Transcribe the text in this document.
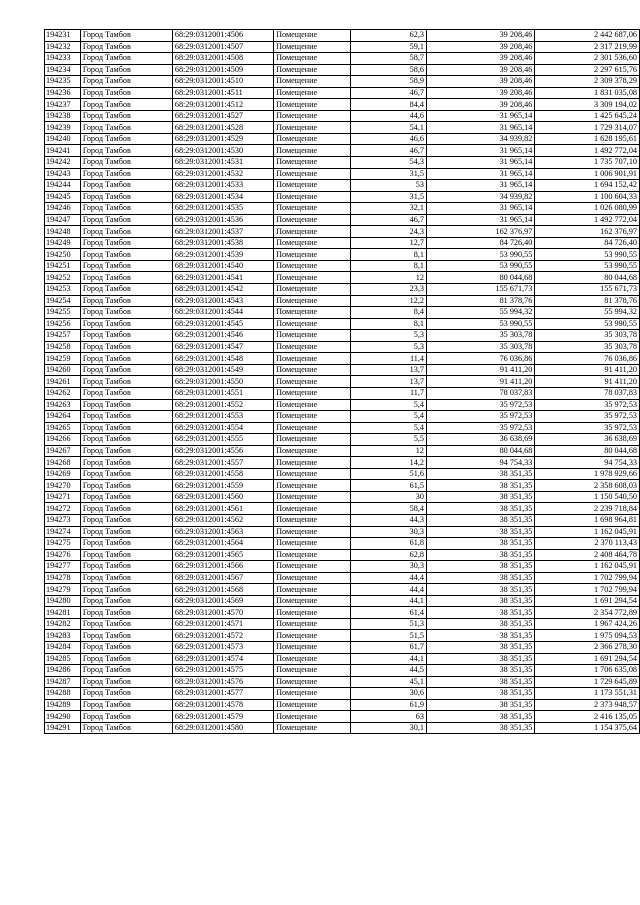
194231	Город Тамбов	68:29:0312001:4506	Помещение	62,3	39 208,46	2 442 687,06
194232	Город Тамбов	68:29:0312001:4507	Помещение	59,1	39 208,46	2 317 219,99
194233	Город Тамбов	68:29:0312001:4508	Помещение	58,7	39 208,46	2 301 536,60
194234	Город Тамбов	68:29:0312001:4509	Помещение	58,6	39 208,46	2 297 615,76
194235	Город Тамбов	68:29:0312001:4510	Помещение	58,9	39 208,46	2 309 378,29
194236	Город Тамбов	68:29:0312001:4511	Помещение	46,7	39 208,46	1 831 035,08
194237	Город Тамбов	68:29:0312001:4512	Помещение	84,4	39 208,46	3 309 194,02
194238	Город Тамбов	68:29:0312001:4527	Помещение	44,6	31 965,14	1 425 645,24
194239	Город Тамбов	68:29:0312001:4528	Помещение	54,1	31 965,14	1 729 314,07
194240	Город Тамбов	68:29:0312001:4529	Помещение	46,6	34 939,82	1 628 195,61
194241	Город Тамбов	68:29:0312001:4530	Помещение	46,7	31 965,14	1 492 772,04
194242	Город Тамбов	68:29:0312001:4531	Помещение	54,3	31 965,14	1 735 707,10
194243	Город Тамбов	68:29:0312001:4532	Помещение	31,5	31 965,14	1 006 901,91
194244	Город Тамбов	68:29:0312001:4533	Помещение	53	31 965,14	1 694 152,42
194245	Город Тамбов	68:29:0312001:4534	Помещение	31,5	34 939,82	1 100 604,33
194246	Город Тамбов	68:29:0312001:4535	Помещение	32,1	31 965,14	1 026 080,99
194247	Город Тамбов	68:29:0312001:4536	Помещение	46,7	31 965,14	1 492 772,04
194248	Город Тамбов	68:29:0312001:4537	Помещение	24,3	162 376,97	162 376,97
194249	Город Тамбов	68:29:0312001:4538	Помещение	12,7	84 726,40	84 726,40
194250	Город Тамбов	68:29:0312001:4539	Помещение	8,1	53 990,55	53 990,55
194251	Город Тамбов	68:29:0312001:4540	Помещение	8,1	53 990,55	53 990,55
194252	Город Тамбов	68:29:0312001:4541	Помещение	12	80 044,68	80 044,68
194253	Город Тамбов	68:29:0312001:4542	Помещение	23,3	155 671,73	155 671,73
194254	Город Тамбов	68:29:0312001:4543	Помещение	12,2	81 378,76	81 378,76
194255	Город Тамбов	68:29:0312001:4544	Помещение	8,4	55 994,32	55 994,32
194256	Город Тамбов	68:29:0312001:4545	Помещение	8,1	53 990,55	53 990,55
194257	Город Тамбов	68:29:0312001:4546	Помещение	5,3	35 303,78	35 303,78
194258	Город Тамбов	68:29:0312001:4547	Помещение	5,3	35 303,78	35 303,78
194259	Город Тамбов	68:29:0312001:4548	Помещение	11,4	76 036,86	76 036,86
194260	Город Тамбов	68:29:0312001:4549	Помещение	13,7	91 411,20	91 411,20
194261	Город Тамбов	68:29:0312001:4550	Помещение	13,7	91 411,20	91 411,20
194262	Город Тамбов	68:29:0312001:4551	Помещение	11,7	78 037,83	78 037,83
194263	Город Тамбов	68:29:0312001:4552	Помещение	5,4	35 972,53	35 972,53
194264	Город Тамбов	68:29:0312001:4553	Помещение	5,4	35 972,53	35 972,53
194265	Город Тамбов	68:29:0312001:4554	Помещение	5,4	35 972,53	35 972,53
194266	Город Тамбов	68:29:0312001:4555	Помещение	5,5	36 638,69	36 638,69
194267	Город Тамбов	68:29:0312001:4556	Помещение	12	80 044,68	80 044,68
194268	Город Тамбов	68:29:0312001:4557	Помещение	14,2	94 754,33	94 754,33
194269	Город Тамбов	68:29:0312001:4558	Помещение	51,6	38 351,35	1 978 929,66
194270	Город Тамбов	68:29:0312001:4559	Помещение	61,5	38 351,35	2 358 608,03
194271	Город Тамбов	68:29:0312001:4560	Помещение	30	38 351,35	1 150 540,50
194272	Город Тамбов	68:29:0312001:4561	Помещение	58,4	38 351,35	2 239 718,84
194273	Город Тамбов	68:29:0312001:4562	Помещение	44,3	38 351,35	1 698 964,81
194274	Город Тамбов	68:29:0312001:4563	Помещение	30,3	38 351,35	1 162 045,91
194275	Город Тамбов	68:29:0312001:4564	Помещение	61,8	38 351,35	2 370 113,43
194276	Город Тамбов	68:29:0312001:4565	Помещение	62,8	38 351,35	2 408 464,78
194277	Город Тамбов	68:29:0312001:4566	Помещение	30,3	38 351,35	1 162 045,91
194278	Город Тамбов	68:29:0312001:4567	Помещение	44,4	38 351,35	1 702 799,94
194279	Город Тамбов	68:29:0312001:4568	Помещение	44,4	38 351,35	1 702 799,94
194280	Город Тамбов	68:29:0312001:4569	Помещение	44,1	38 351,35	1 691 294,54
194281	Город Тамбов	68:29:0312001:4570	Помещение	61,4	38 351,35	2 354 772,89
194282	Город Тамбов	68:29:0312001:4571	Помещение	51,3	38 351,35	1 967 424,26
194283	Город Тамбов	68:29:0312001:4572	Помещение	51,5	38 351,35	1 975 094,53
194284	Город Тамбов	68:29:0312001:4573	Помещение	61,7	38 351,35	2 366 278,30
194285	Город Тамбов	68:29:0312001:4574	Помещение	44,1	38 351,35	1 691 294,54
194286	Город Тамбов	68:29:0312001:4575	Помещение	44,5	38 351,35	1 706 635,08
194287	Город Тамбов	68:29:0312001:4576	Помещение	45,1	38 351,35	1 729 645,89
194288	Город Тамбов	68:29:0312001:4577	Помещение	30,6	38 351,35	1 173 551,31
194289	Город Тамбов	68:29:0312001:4578	Помещение	61,9	38 351,35	2 373 948,57
194290	Город Тамбов	68:29:0312001:4579	Помещение	63	38 351,35	2 416 135,05
194291	Город Тамбов	68:29:0312001:4580	Помещение	30,1	38 351,35	1 154 375,64
